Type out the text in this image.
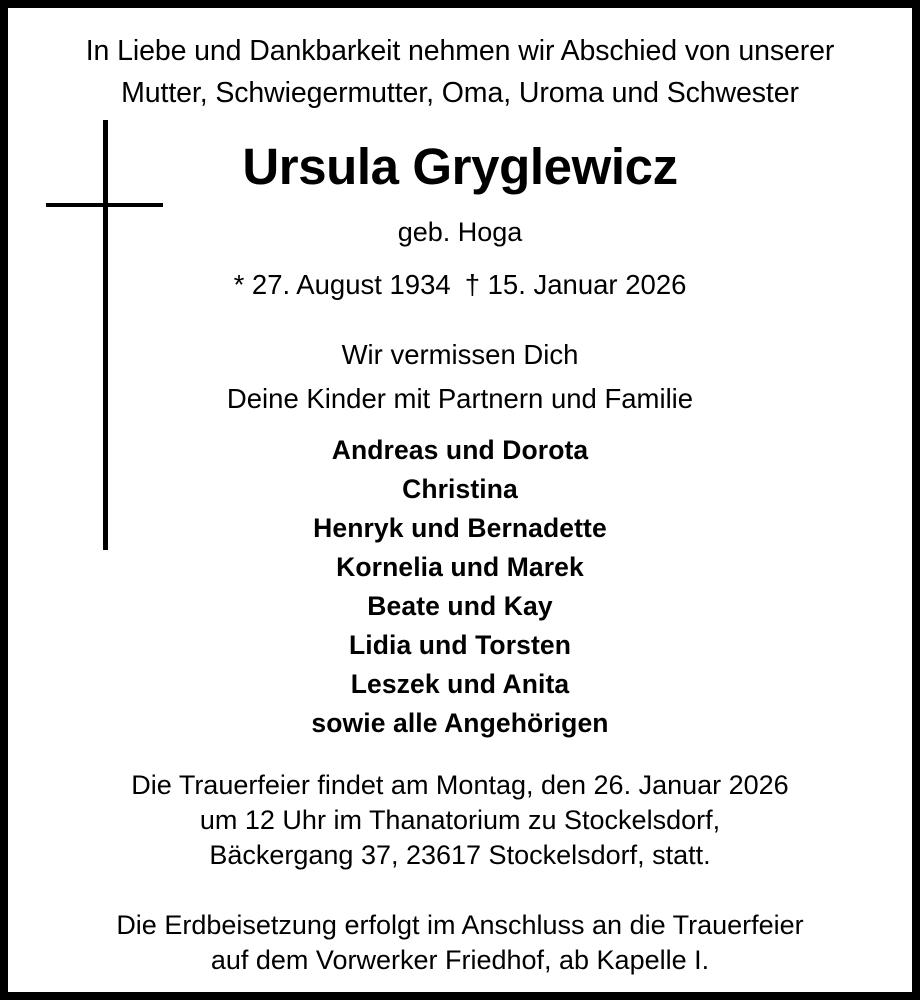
In Liebe und Dankbarkeit nehmen wir Abschied von unserer
Mutter, Schwiegermutter, Oma, Uroma und Schwester
Ursula Gryglewicz
geb. Hoga
* 27. August 1934 † 15. Januar 2026
Wir vermissen Dich
Deine Kinder mit Partnern und Familie
Andreas und Dorota
Christina
Henryk und Bernadette
Kornelia und Marek
Beate und Kay
Lidia und Torsten
Leszek und Anita
sowie alle Angehörigen
Die Trauerfeier findet am Montag, den 26. Januar 2026
um 12 Uhr im Thanatorium zu Stockelsdorf,
Bäckergang 37, 23617 Stockelsdorf, statt.
Die Erdbeisetzung erfolgt im Anschluss an die Trauerfeier
auf dem Vorwerker Friedhof, ab Kapelle I.
